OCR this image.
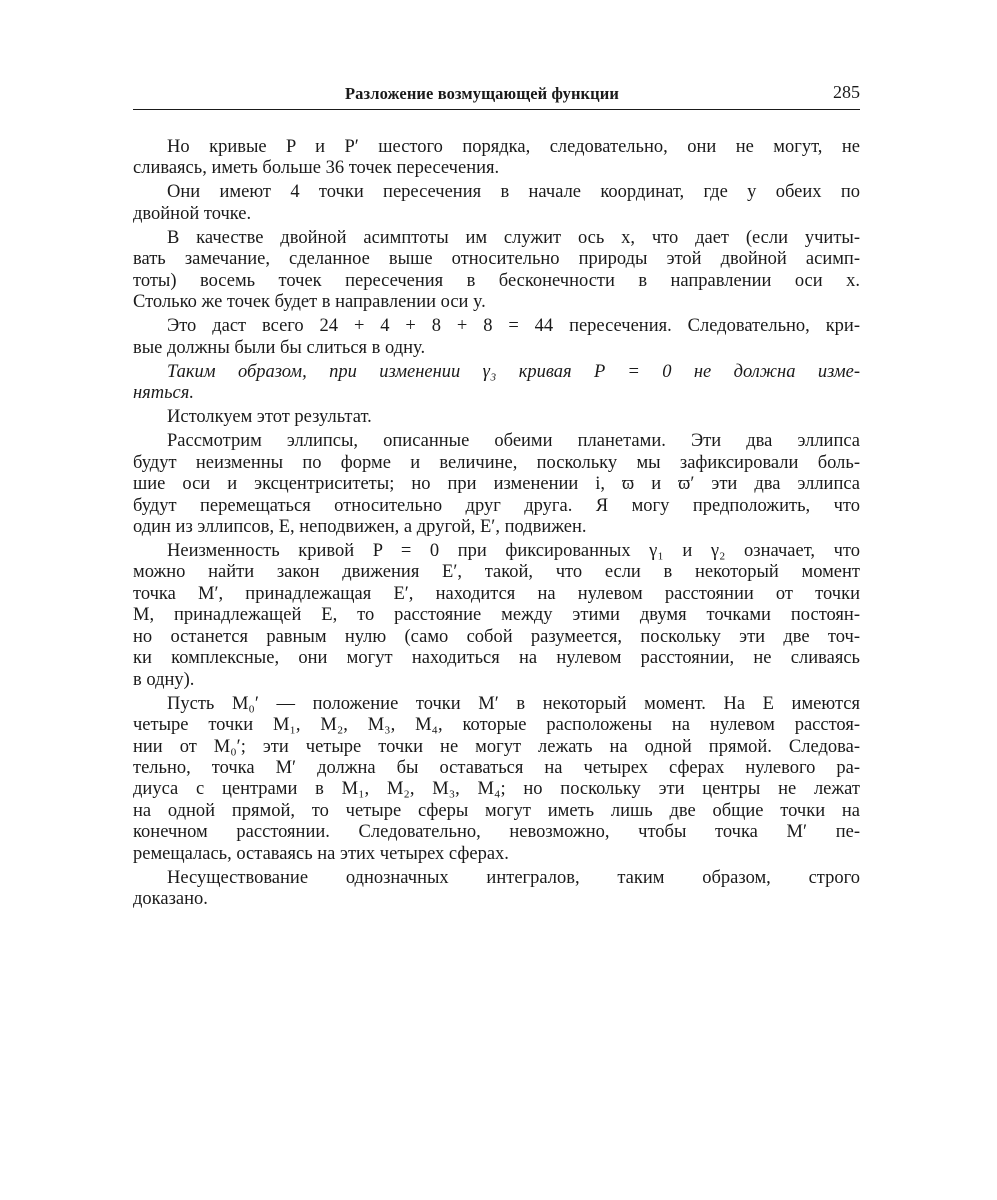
Разложение возмущающей функции	285
Но кривые P и P′ шестого порядка, следовательно, они не могут, не
сливаясь, иметь больше 36 точек пересечения.
Они имеют 4 точки пересечения в начале координат, где у обеих по
двойной точке.
В качестве двойной асимптоты им служит ось x, что дает (если учиты-
вать замечание, сделанное выше относительно природы этой двойной асимп-
тоты) восемь точек пересечения в бесконечности в направлении оси x.
Столько же точек будет в направлении оси y.
Это даст всего 24 + 4 + 8 + 8 = 44 пересечения. Следовательно, кри-
вые должны были бы слиться в одну.
Таким образом, при изменении γ₃ кривая P = 0 не должна изме-
няться.
Истолкуем этот результат.
Рассмотрим эллипсы, описанные обеими планетами. Эти два эллипса
будут неизменны по форме и величине, поскольку мы зафиксировали боль-
шие оси и эксцентриситеты; но при изменении i, ϖ и ϖ′ эти два эллипса
будут перемещаться относительно друг друга. Я могу предположить, что
один из эллипсов, E, неподвижен, а другой, E′, подвижен.
Неизменность кривой P = 0 при фиксированных γ₁ и γ₂ означает, что
можно найти закон движения E′, такой, что если в некоторый момент
точка M′, принадлежащая E′, находится на нулевом расстоянии от точки
M, принадлежащей E, то расстояние между этими двумя точками постоян-
но останется равным нулю (само собой разумеется, поскольку эти две точ-
ки комплексные, они могут находиться на нулевом расстоянии, не сливаясь
в одну).
Пусть M₀′ — положение точки M′ в некоторый момент. На E имеются
четыре точки M₁, M₂, M₃, M₄, которые расположены на нулевом расстоя-
нии от M₀′; эти четыре точки не могут лежать на одной прямой. Следова-
тельно, точка M′ должна бы оставаться на четырех сферах нулевого ра-
диуса с центрами в M₁, M₂, M₃, M₄; но поскольку эти центры не лежат
на одной прямой, то четыре сферы могут иметь лишь две общие точки на
конечном расстоянии. Следовательно, невозможно, чтобы точка M′ пе-
ремещалась, оставаясь на этих четырех сферах.
Несуществование однозначных интегралов, таким образом, строго
доказано.
